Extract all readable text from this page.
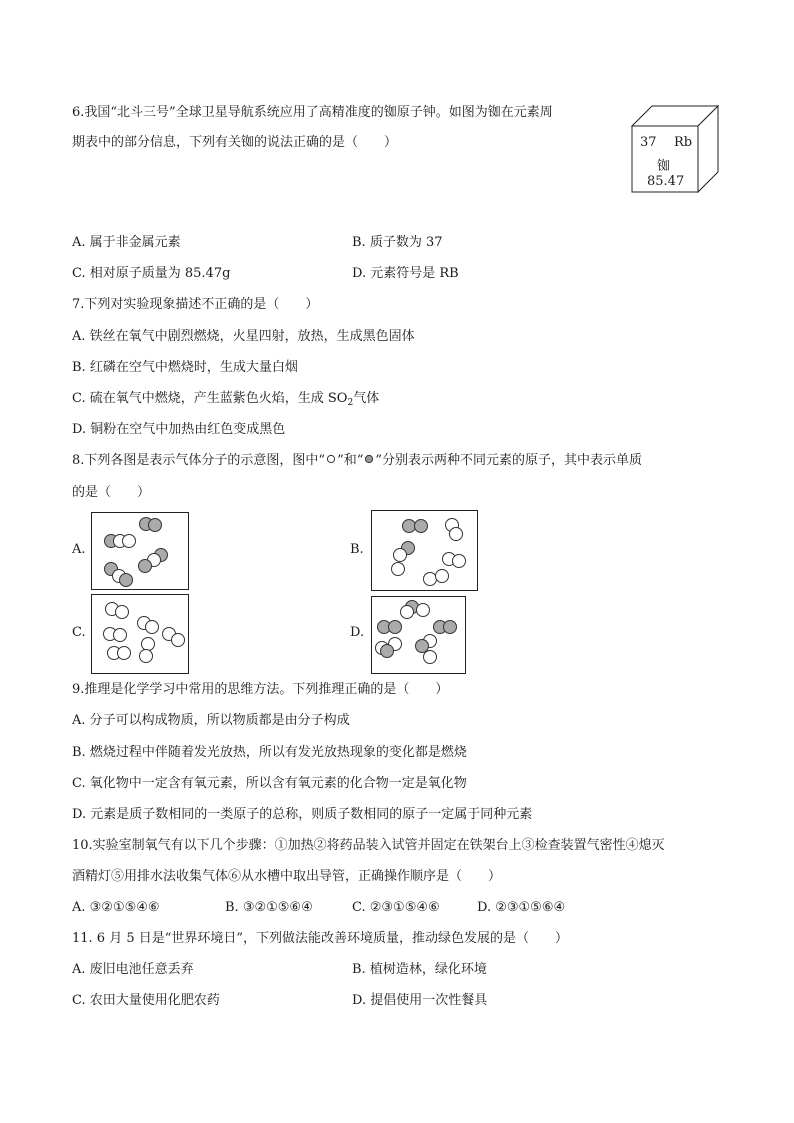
6.我国“北斗三号”全球卫星导航系统应用了高精准度的铷原子钟。如图为铷在元素周
期表中的部分信息，下列有关铷的说法正确的是（　　）	37 Rb
铷
85.47
A. 属于非金属元素	B. 质子数为 37
C. 相对原子质量为 85.47g	D. 元素符号是 RB
7.下列对实验现象描述不正确的是（　　）
A. 铁丝在氧气中剧烈燃烧，火星四射，放热，生成黑色固体
B. 红磷在空气中燃烧时，生成大量白烟
C. 硫在氧气中燃烧，产生蓝紫色火焰，生成 $SO_2$气体
D. 铜粉在空气中加热由红色变成黑色
8.下列各图是表示气体分子的示意图，图中“ ”和“ ”分别表示两种不同元素的原子，其中表示单质
的是（　　）
A.	B.
C.	D.
9.推理是化学学习中常用的思维方法。下列推理正确的是（　　）
A. 分子可以构成物质，所以物质都是由分子构成
B. 燃烧过程中伴随着发光放热，所以有发光放热现象的变化都是燃烧
C. 氧化物中一定含有氧元素，所以含有氧元素的化合物一定是氧化物
D. 元素是质子数相同的一类原子的总称，则质子数相同的原子一定属于同种元素
10.实验室制氧气有以下几个步骤：①加热②将药品装入试管并固定在铁架台上③检查装置气密性④熄灭
酒精灯⑤用排水法收集气体⑥从水槽中取出导管，正确操作顺序是（　　）
A. ③②①⑤④⑥	B. ③②①⑤⑥④	C. ②③①⑤④⑥	D. ②③①⑤⑥④
11. 6 月 5 日是“世界环境日”，下列做法能改善环境质量，推动绿色发展的是（　　）
A. 废旧电池任意丢弃	B. 植树造林，绿化环境
C. 农田大量使用化肥农药	D. 提倡使用一次性餐具
